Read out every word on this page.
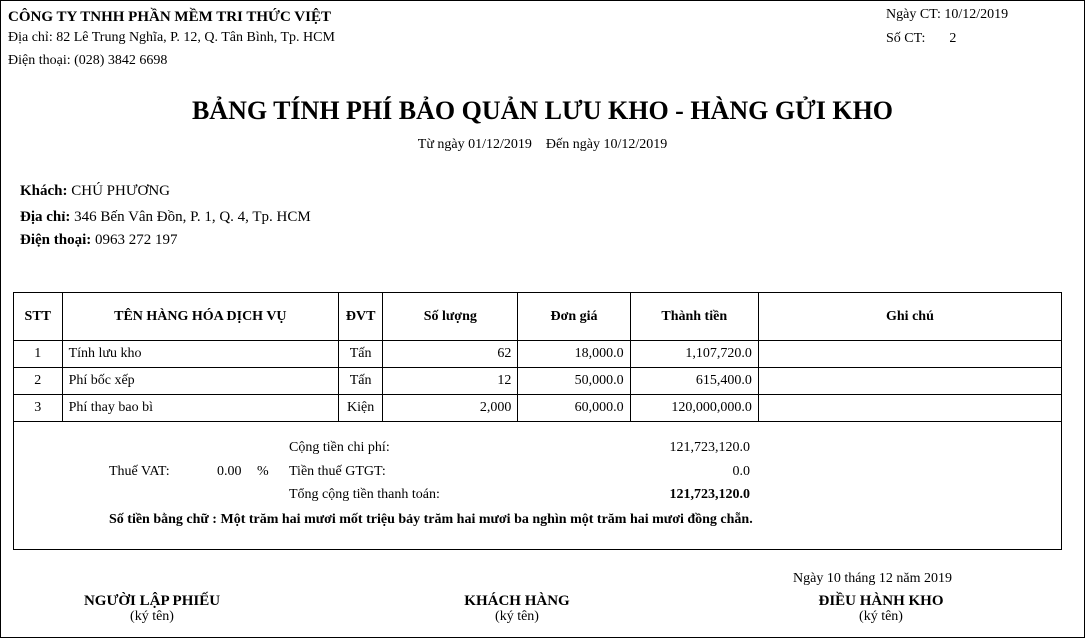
CÔNG TY TNHH PHẦN MỀM TRI THỨC VIỆT
Địa chỉ: 82 Lê Trung Nghĩa, P. 12, Q. Tân Bình, Tp. HCM
Điện thoại: (028) 3842 6698
Ngày CT: 10/12/2019
Số CT: 2
BẢNG TÍNH PHÍ BẢO QUẢN LƯU KHO - HÀNG GỬI KHO
Từ ngày 01/12/2019 Đến ngày 10/12/2019
Khách: CHÚ PHƯƠNG
Địa chỉ: 346 Bến Vân Đồn, P. 1, Q. 4, Tp. HCM
Điện thoại: 0963 272 197
STT	TÊN HÀNG HÓA DỊCH VỤ	ĐVT	Số lượng	Đơn giá	Thành tiền	Ghi chú
1	Tính lưu kho	Tấn	62	18,000.0	1,107,720.0	
2	Phí bốc xếp	Tấn	12	50,000.0	615,400.0	
3	Phí thay bao bì	Kiện	2,000	60,000.0	120,000,000.0	
Thuế VAT:	0.00 %
Cộng tiền chi phí:	121,723,120.0
Tiền thuế GTGT:	0.0
Tổng cộng tiền thanh toán:	121,723,120.0
Số tiền bằng chữ : Một trăm hai mươi mốt triệu bảy trăm hai mươi ba nghìn một trăm hai mươi đồng chẵn.
Ngày 10 tháng 12 năm 2019
NGƯỜI LẬP PHIẾU
(ký tên)
KHÁCH HÀNG
(ký tên)
ĐIỀU HÀNH KHO
(ký tên)
